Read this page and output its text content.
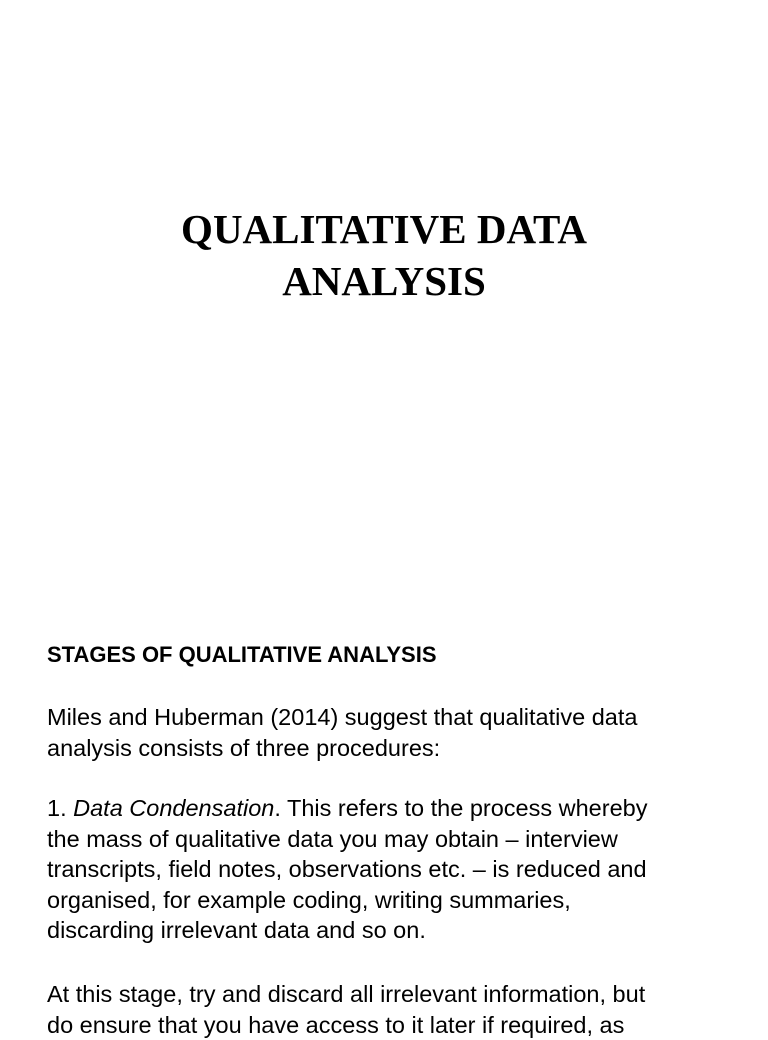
QUALITATIVE DATA
ANALYSIS
STAGES OF QUALITATIVE ANALYSIS
Miles and Huberman (2014) suggest that qualitative data
analysis consists of three procedures:
1. Data Condensation. This refers to the process whereby
the mass of qualitative data you may obtain – interview
transcripts, field notes, observations etc. – is reduced and
organised, for example coding, writing summaries,
discarding irrelevant data and so on.
At this stage, try and discard all irrelevant information, but
do ensure that you have access to it later if required, as
